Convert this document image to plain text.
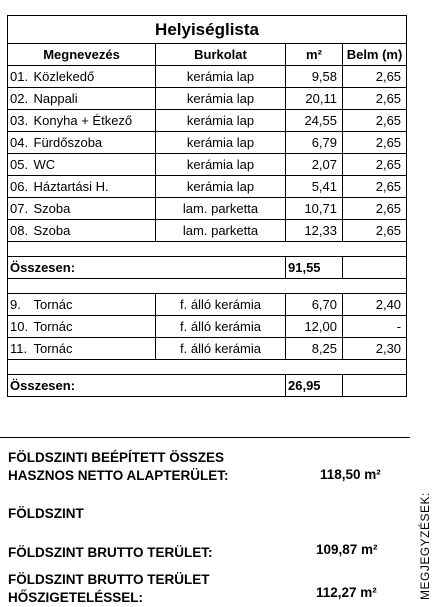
Helyiséglista				
Megnevezés		Burkolat	m²	Belm (m)
01.	Közlekedő	kerámia lap	9,58	2,65
02.	Nappali	kerámia lap	20,11	2,65
03.	Konyha + Étkező	kerámia lap	24,55	2,65
04.	Fürdőszoba	kerámia lap	6,79	2,65
05.	WC	kerámia lap	2,07	2,65
06.	Háztartási H.	kerámia lap	5,41	2,65
07.	Szoba	lam. parketta	10,71	2,65
08.	Szoba	lam. parketta	12,33	2,65

Összesen:			91,55	

9.	Tornác	f. álló kerámia	6,70	2,40
10.	Tornác	f. álló kerámia	12,00	-
11.	Tornác	f. álló kerámia	8,25	2,30

Összesen:			26,95	
FÖLDSZINTI BEÉPÍTETT ÖSSZES
HASZNOS NETTO ALAPTERÜLET:	118,50 m²
FÖLDSZINT
FÖLDSZINT BRUTTO TERÜLET:	109,87 m²
FÖLDSZINT BRUTTO TERÜLET
HŐSZIGETELÉSSEL:	112,27 m²	MEGJEGYZÉSEK:
